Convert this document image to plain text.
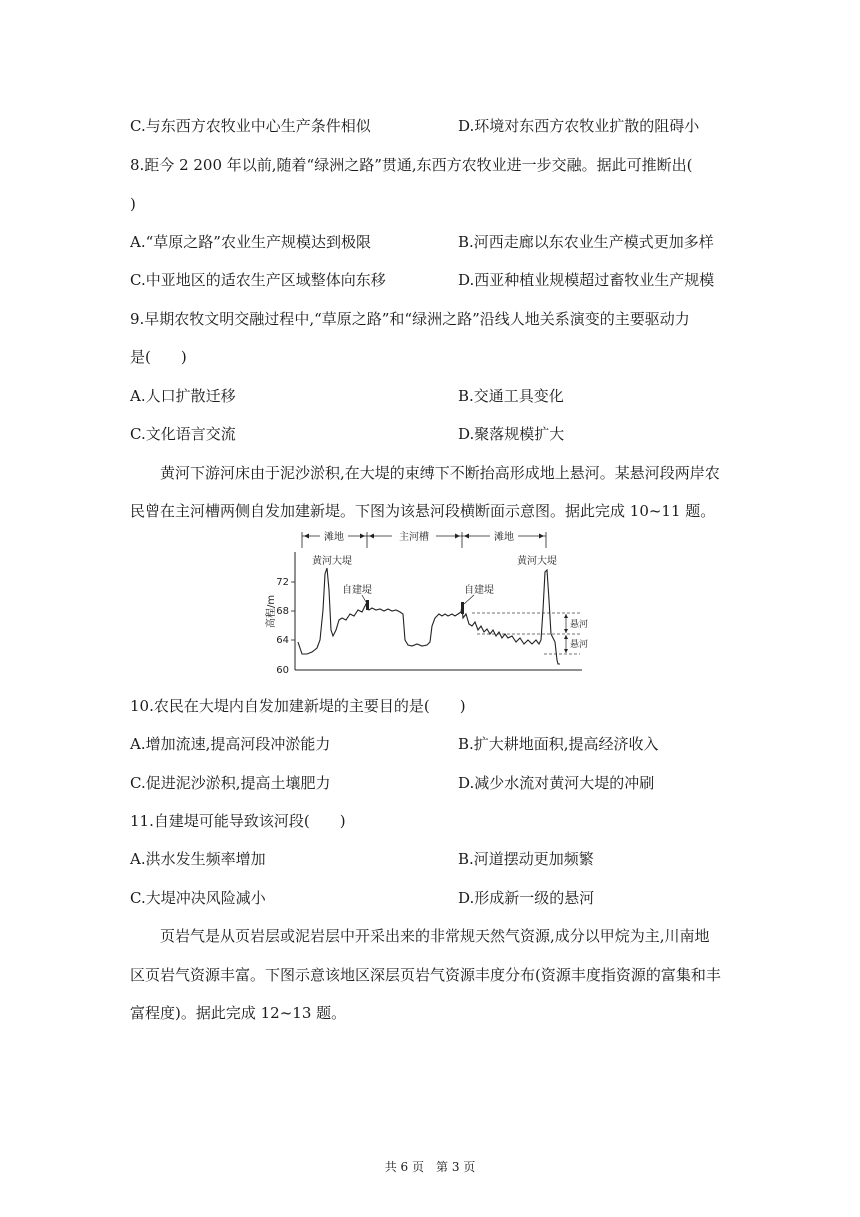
C.与东西方农牧业中心生产条件相似	D.环境对东西方农牧业扩散的阻碍小
8.距今 2 200 年以前,随着“绿洲之路”贯通,东西方农牧业进一步交融。据此可推断出(
)
A.“草原之路”农业生产规模达到极限	B.河西走廊以东农业生产模式更加多样
C.中亚地区的适农生产区域整体向东移	D.西亚种植业规模超过畜牧业生产规模
9.早期农牧文明交融过程中,“草原之路”和“绿洲之路”沿线人地关系演变的主要驱动力
是(　　)
A.人口扩散迁移	B.交通工具变化
C.文化语言交流	D.聚落规模扩大
黄河下游河床由于泥沙淤积,在大堤的束缚下不断抬高形成地上悬河。某悬河段两岸农
民曾在主河槽两侧自发加建新堤。下图为该悬河段横断面示意图。据此完成 10~11 题。
滩地	主河槽	滩地
72
68
64
60
高程/m	悬河
悬河
黄河大堤	黄河大堤
自建堤	自建堤
10.农民在大堤内自发加建新堤的主要目的是(　　)
A.增加流速,提高河段冲淤能力	B.扩大耕地面积,提高经济收入
C.促进泥沙淤积,提高土壤肥力	D.减少水流对黄河大堤的冲刷
11.自建堤可能导致该河段(　　)
A.洪水发生频率增加	B.河道摆动更加频繁
C.大堤冲决风险减小	D.形成新一级的悬河
页岩气是从页岩层或泥岩层中开采出来的非常规天然气资源,成分以甲烷为主,川南地
区页岩气资源丰富。下图示意该地区深层页岩气资源丰度分布(资源丰度指资源的富集和丰
富程度)。据此完成 12~13 题。
共 6 页　第 3 页
